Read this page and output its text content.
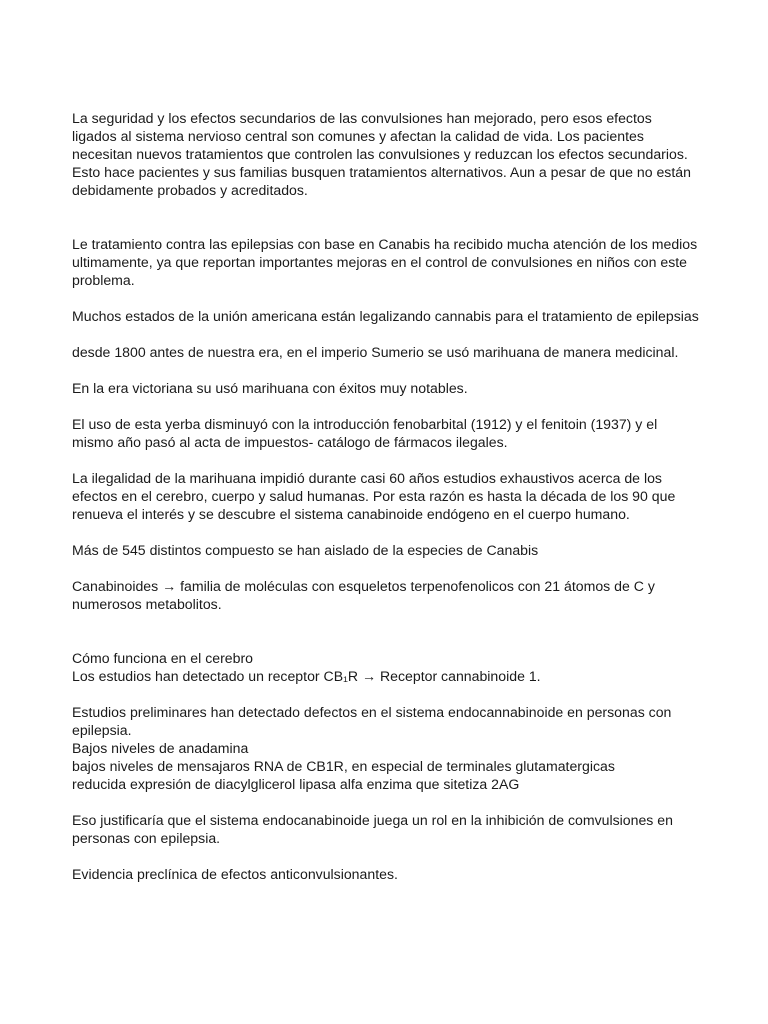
La seguridad y los efectos secundarios de las convulsiones han mejorado, pero esos efectos ligados al sistema nervioso central son comunes y afectan la calidad de vida. Los pacientes necesitan nuevos tratamientos que controlen las convulsiones y reduzcan los efectos secundarios. Esto hace pacientes y sus familias busquen tratamientos alternativos. Aun a pesar de que no están debidamente probados y acreditados.

Le tratamiento contra las epilepsias con base en Canabis ha recibido mucha atención de los medios ultimamente, ya que reportan importantes mejoras en el control de convulsiones en niños con este problema.

Muchos estados de la unión americana están legalizando cannabis para el tratamiento de epilepsias

desde 1800 antes de nuestra era, en el imperio Sumerio se usó marihuana de manera medicinal.

En la era victoriana su usó marihuana con éxitos muy notables.

El uso de esta yerba disminuyó con la introducción fenobarbital (1912) y el fenitoin (1937) y el mismo año pasó al acta de impuestos- catálogo de fármacos ilegales.

La ilegalidad de la marihuana impidió durante casi 60 años estudios exhaustivos acerca de los efectos en el cerebro, cuerpo y salud humanas. Por esta razón es hasta la década de los 90 que renueva el interés y se descubre el sistema canabinoide endógeno en el cuerpo humano.

Más de 545 distintos compuesto se han aislado de la especies de Canabis

Canabinoides → familia de moléculas con esqueletos terpenofenolicos con 21 átomos de C y numerosos metabolitos.

Cómo funciona en el cerebro

Los estudios han detectado un receptor CB₁R → Receptor cannabinoide 1.

Estudios preliminares han detectado defectos en el sistema endocannabinoide en personas con epilepsia.

Bajos niveles de anadamina

bajos niveles de mensajaros RNA de CB1R, en especial de terminales glutamatergicas

reducida expresión de diacylglicerol lipasa alfa enzima que sitetiza 2AG

Eso justificaría que el sistema endocanabinoide juega un rol en la inhibición de comvulsiones en personas con epilepsia.

Evidencia preclínica de efectos anticonvulsionantes.
